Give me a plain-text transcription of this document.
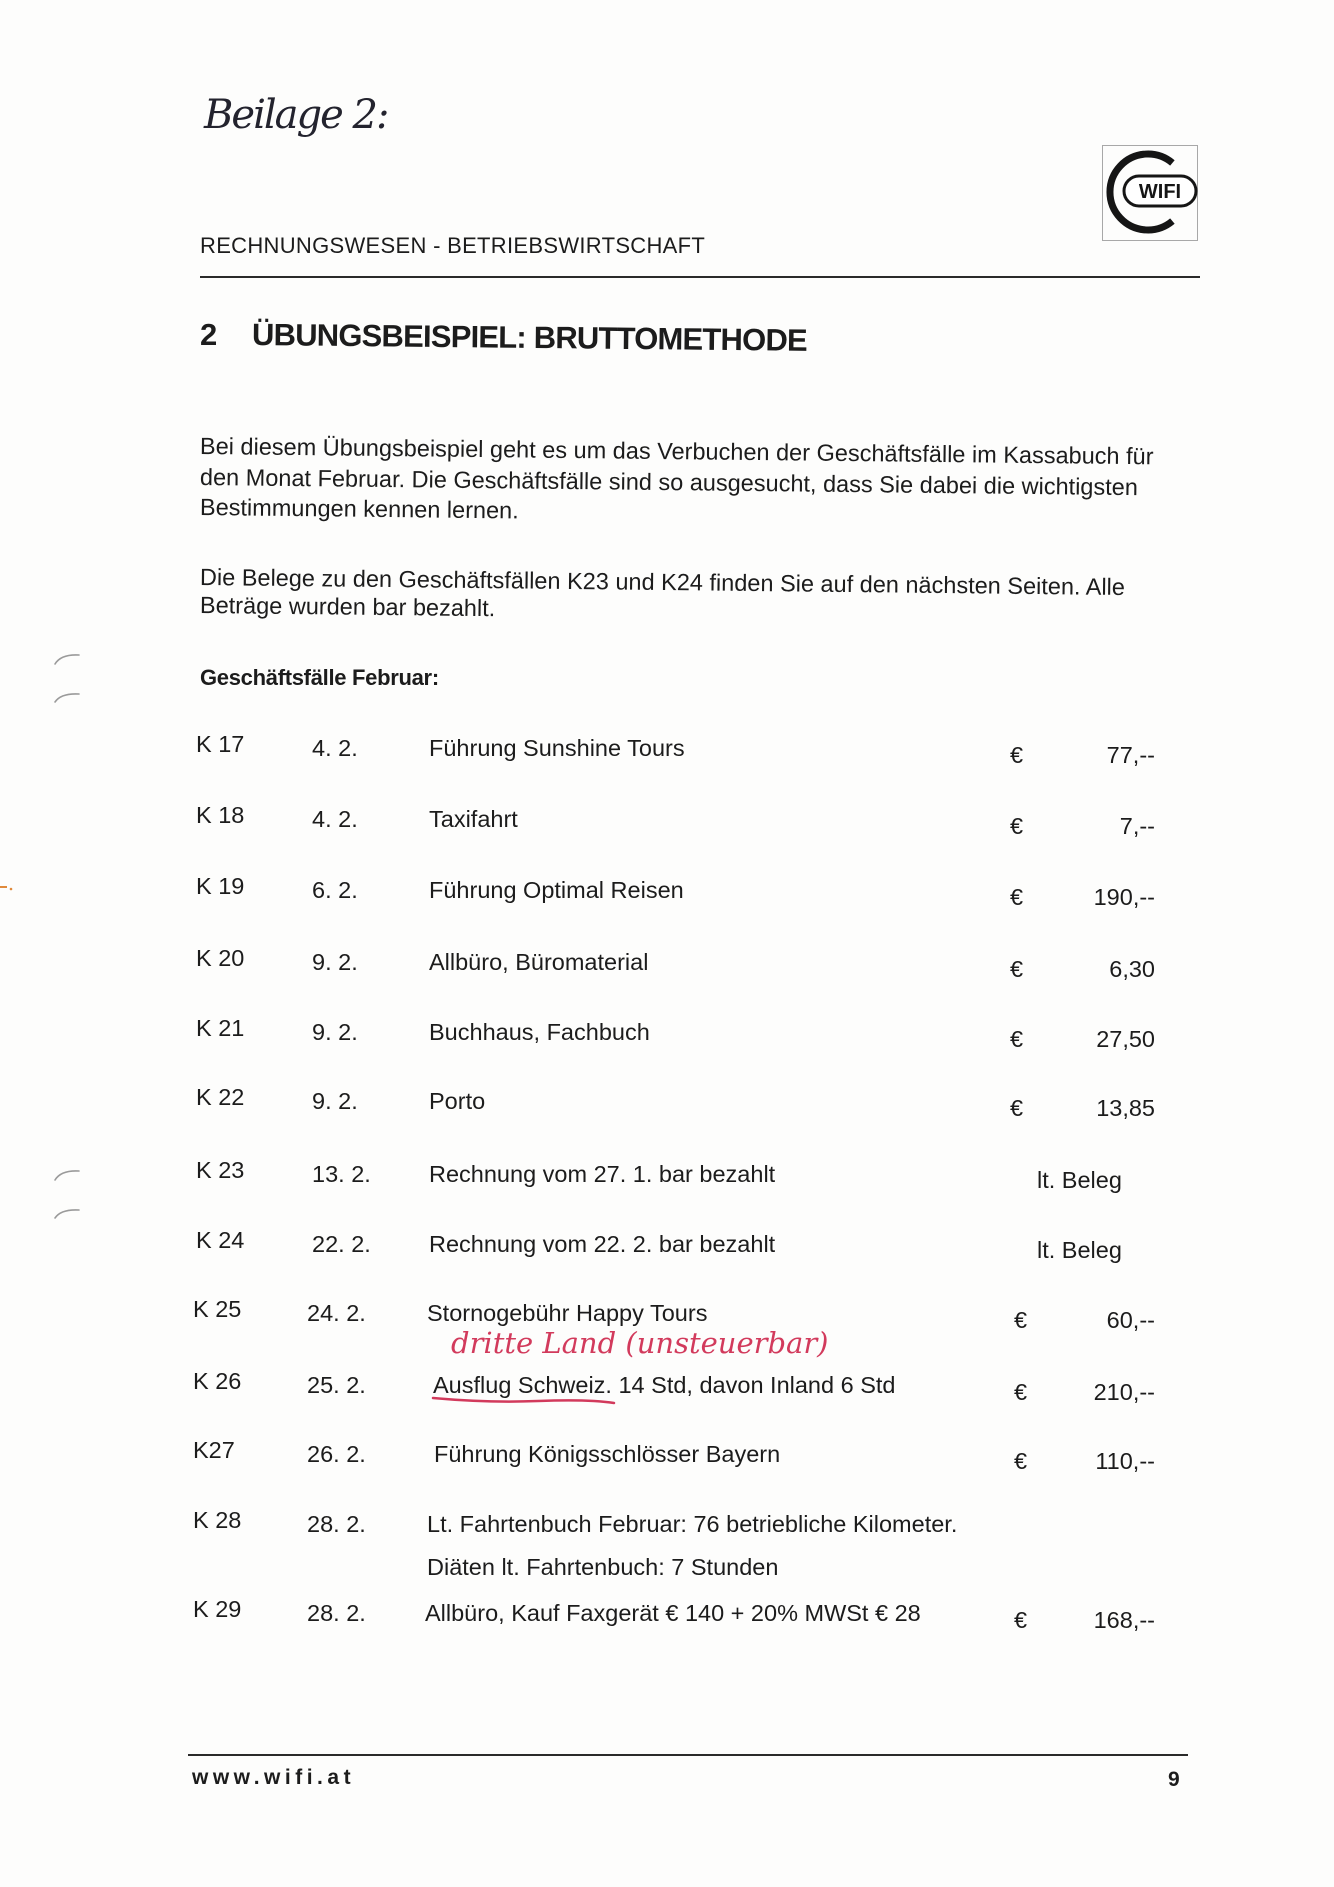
Beilage 2:
WIFI
RECHNUNGSWESEN - BETRIEBSWIRTSCHAFT
2 ÜBUNGSBEISPIEL: BRUTTOMETHODE
Bei diesem Übungsbeispiel geht es um das Verbuchen der Geschäftsfälle im Kassabuch für
den Monat Februar. Die Geschäftsfälle sind so ausgesucht, dass Sie dabei die wichtigsten
Bestimmungen kennen lernen.
Die Belege zu den Geschäftsfällen K23 und K24 finden Sie auf den nächsten Seiten. Alle
Beträge wurden bar bezahlt.
Geschäftsfälle Februar:
K 17	4. 2.	Führung Sunshine Tours	€	77,--
K 18	4. 2.	Taxifahrt	€	7,--
K 19	6. 2.	Führung Optimal Reisen	€	190,--
K 20	9. 2.	Allbüro, Büromaterial	€	6,30
K 21	9. 2.	Buchhaus, Fachbuch	€	27,50
K 22	9. 2.	Porto	€	13,85
K 23	13. 2. Rechnung vom 27. 1. bar bezahlt	lt. Beleg
K 24	22. 2. Rechnung vom 22. 2. bar bezahlt	lt. Beleg
K 25	24. 2.	Stornogebühr Happy Tours	€	60,--
dritte Land (unsteuerbar)
K 26	25. 2.	Ausflug Schweiz. 14 Std, davon Inland 6 Std	€	210,--
K27	26. 2.	Führung Königsschlösser Bayern	€	110,--
K 28	28. 2.	Lt. Fahrtenbuch Februar: 76 betriebliche Kilometer.
Diäten lt. Fahrtenbuch: 7 Stunden
K 29	28. 2.	Allbüro, Kauf Faxgerät € 140 + 20% MWSt € 28	€	168,--
www.wifi.at	9
